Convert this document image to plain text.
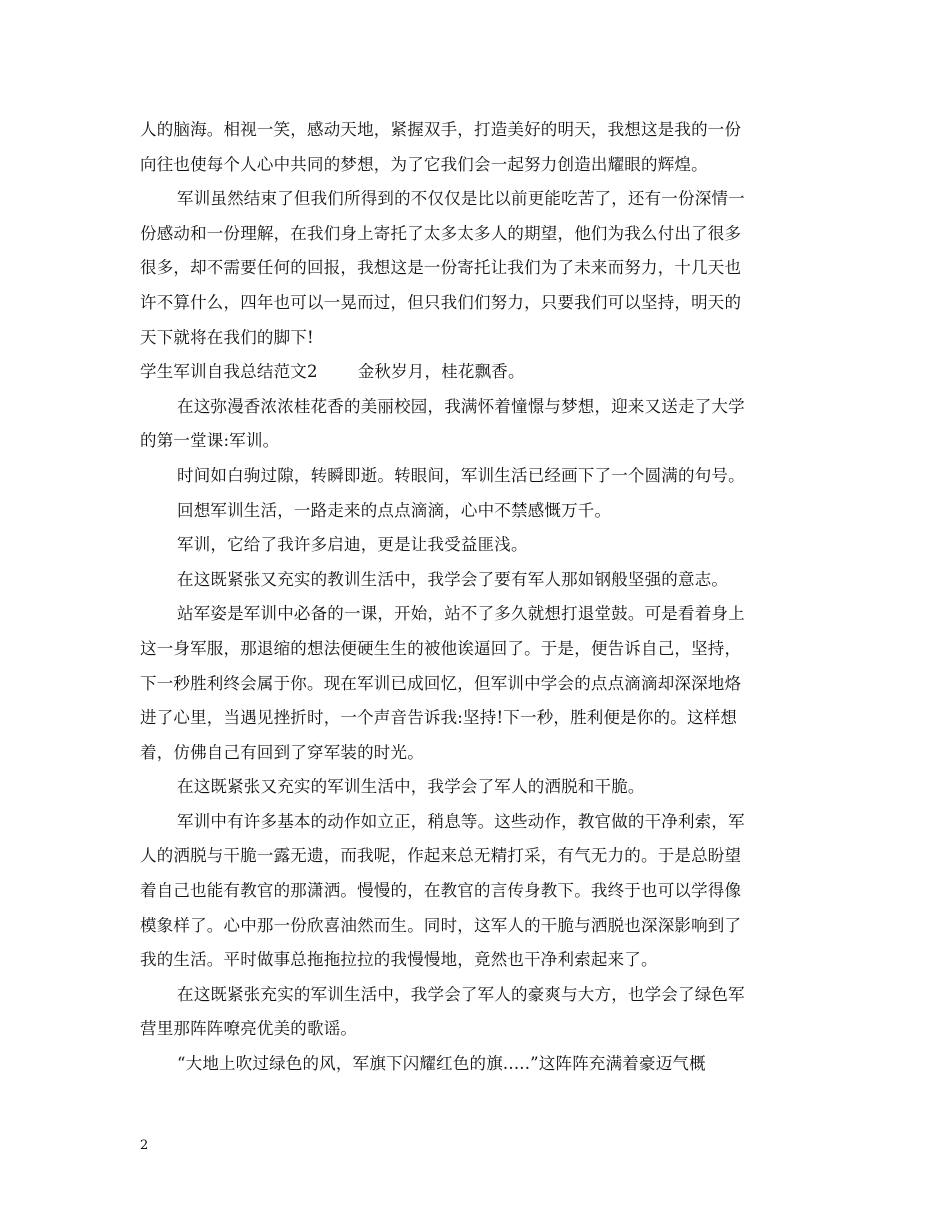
人的脑海。相视一笑，感动天地，紧握双手，打造美好的明天，我想这是我的一份
向往也使每个人心中共同的梦想，为了它我们会一起努力创造出耀眼的辉煌。
军训虽然结束了但我们所得到的不仅仅是比以前更能吃苦了，还有一份深情一
份感动和一份理解，在我们身上寄托了太多太多人的期望，他们为我么付出了很多
很多，却不需要任何的回报，我想这是一份寄托让我们为了未来而努力，十几天也
许不算什么，四年也可以一晃而过，但只我们们努力，只要我们可以坚持，明天的
天下就将在我们的脚下!
学生军训自我总结范文2 金秋岁月，桂花飘香。
在这弥漫香浓浓桂花香的美丽校园，我满怀着憧憬与梦想，迎来又送走了大学
的第一堂课:军训。
时间如白驹过隙，转瞬即逝。转眼间，军训生活已经画下了一个圆满的句号。
回想军训生活，一路走来的点点滴滴，心中不禁感慨万千。
军训，它给了我许多启迪，更是让我受益匪浅。
在这既紧张又充实的教训生活中，我学会了要有军人那如钢般坚强的意志。
站军姿是军训中必备的一课，开始，站不了多久就想打退堂鼓。可是看着身上
这一身军服，那退缩的想法便硬生生的被他诶逼回了。于是，便告诉自己，坚持，
下一秒胜利终会属于你。现在军训已成回忆，但军训中学会的点点滴滴却深深地烙
进了心里，当遇见挫折时，一个声音告诉我:坚持!下一秒，胜利便是你的。这样想
着，仿佛自己有回到了穿军装的时光。
在这既紧张又充实的军训生活中，我学会了军人的洒脱和干脆。
军训中有许多基本的动作如立正，稍息等。这些动作，教官做的干净利索，军
人的洒脱与干脆一露无遗，而我呢，作起来总无精打采，有气无力的。于是总盼望
着自己也能有教官的那潇洒。慢慢的，在教官的言传身教下。我终于也可以学得像
模象样了。心中那一份欣喜油然而生。同时，这军人的干脆与洒脱也深深影响到了
我的生活。平时做事总拖拖拉拉的我慢慢地，竟然也干净利索起来了。
在这既紧张充实的军训生活中，我学会了军人的豪爽与大方，也学会了绿色军
营里那阵阵嘹亮优美的歌谣。
“大地上吹过绿色的风，军旗下闪耀红色的旗.....”这阵阵充满着豪迈气概
2
